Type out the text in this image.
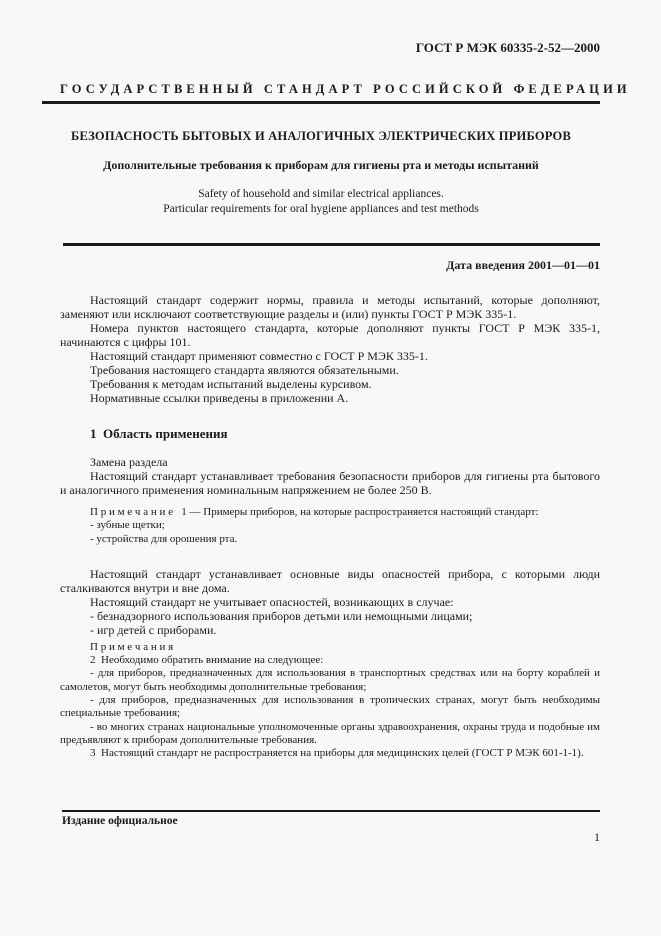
ГОСТ Р МЭК 60335-2-52—2000
ГОСУДАРСТВЕННЫЙ СТАНДАРТ РОССИЙСКОЙ ФЕДЕРАЦИИ
БЕЗОПАСНОСТЬ БЫТОВЫХ И АНАЛОГИЧНЫХ ЭЛЕКТРИЧЕСКИХ ПРИБОРОВ
Дополнительные требования к приборам для гигиены рта и методы испытаний
Safety of household and similar electrical appliances.
Particular requirements for oral hygiene appliances and test methods
Дата введения 2001—01—01

Настоящий стандарт содержит нормы, правила и методы испытаний, которые дополняют, заменяют или исключают соответствующие разделы и (или) пункты ГОСТ Р МЭК 335-1.

Номера пунктов настоящего стандарта, которые дополняют пункты ГОСТ Р МЭК 335-1, начинаются с цифры 101.

Настоящий стандарт применяют совместно с ГОСТ Р МЭК 335-1.

Требования настоящего стандарта являются обязательными.

Требования к методам испытаний выделены курсивом.

Нормативные ссылки приведены в приложении А.

1  Область применения

Замена раздела

Настоящий стандарт устанавливает требования безопасности приборов для гигиены рта бытового и аналогичного применения номинальным напряжением не более 250 В.

П р и м е ч а н и е   1 — Примеры приборов, на которые распространяется настоящий стандарт:

- зубные щетки;

- устройства для орошения рта.

Настоящий стандарт устанавливает основные виды опасностей прибора, с которыми люди сталкиваются внутри и вне дома.

Настоящий стандарт не учитывает опасностей, возникающих в случае:

- безнадзорного использования приборов детьми или немощными лицами;

- игр детей с приборами.

П р и м е ч а н и я

2  Необходимо обратить внимание на следующее:

- для приборов, предназначенных для использования в транспортных средствах или на борту кораблей и самолетов, могут быть необходимы дополнительные требования;

- для приборов, предназначенных для использования в тропических странах, могут быть необходимы специальные требования;

- во многих странах национальные уполномоченные органы здравоохранения, охраны труда и подобные им предъявляют к приборам дополнительные требования.

3  Настоящий стандарт не распространяется на приборы для медицинских целей (ГОСТ Р МЭК 601-1-1).

Издание официальное
1
